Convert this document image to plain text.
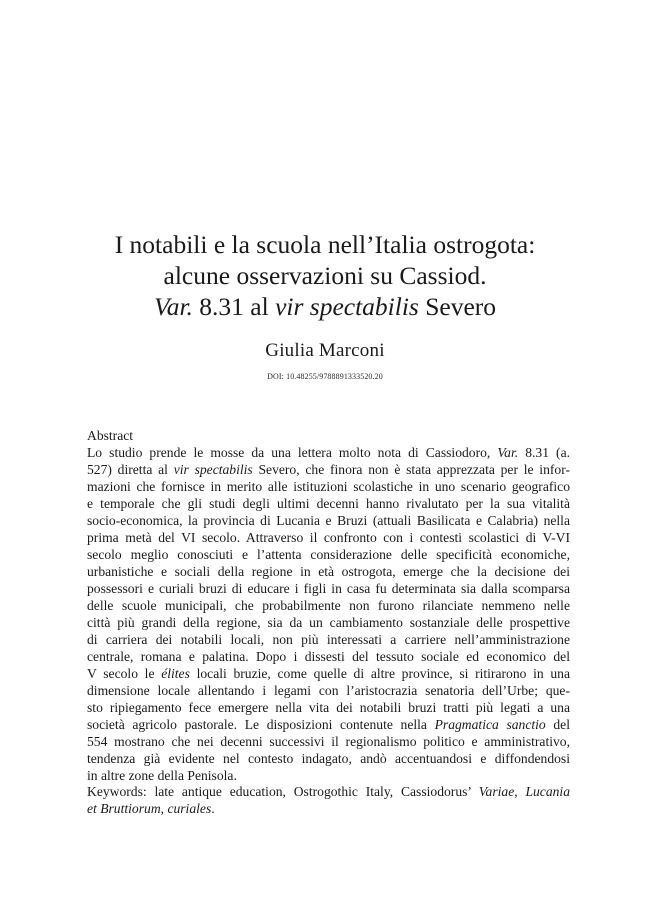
I notabili e la scuola nell’Italia ostrogota:
alcune osservazioni su Cassiod.
Var. 8.31 al vir spectabilis Severo
Giulia Marconi
DOI: 10.48255/9788891333520.20
Abstract
Lo studio prende le mosse da una lettera molto nota di Cassiodoro, Var. 8.31 (a.
527) diretta al vir spectabilis Severo, che finora non è stata apprezzata per le infor-
mazioni che fornisce in merito alle istituzioni scolastiche in uno scenario geografico
e temporale che gli studi degli ultimi decenni hanno rivalutato per la sua vitalità
socio-economica, la provincia di Lucania e Bruzi (attuali Basilicata e Calabria) nella
prima metà del VI secolo. Attraverso il confronto con i contesti scolastici di V-VI
secolo meglio conosciuti e l’attenta considerazione delle specificità economiche,
urbanistiche e sociali della regione in età ostrogota, emerge che la decisione dei
possessori e curiali bruzi di educare i figli in casa fu determinata sia dalla scomparsa
delle scuole municipali, che probabilmente non furono rilanciate nemmeno nelle
città più grandi della regione, sia da un cambiamento sostanziale delle prospettive
di carriera dei notabili locali, non più interessati a carriere nell’amministrazione
centrale, romana e palatina. Dopo i dissesti del tessuto sociale ed economico del
V secolo le élites locali bruzie, come quelle di altre province, si ritirarono in una
dimensione locale allentando i legami con l’aristocrazia senatoria dell’Urbe; que-
sto ripiegamento fece emergere nella vita dei notabili bruzi tratti più legati a una
società agricolo pastorale. Le disposizioni contenute nella Pragmatica sanctio del
554 mostrano che nei decenni successivi il regionalismo politico e amministrativo,
tendenza già evidente nel contesto indagato, andò accentuandosi e diffondendosi
in altre zone della Penisola.
Keywords: late antique education, Ostrogothic Italy, Cassiodorus’ Variae, Lucania
et Bruttiorum, curiales.
